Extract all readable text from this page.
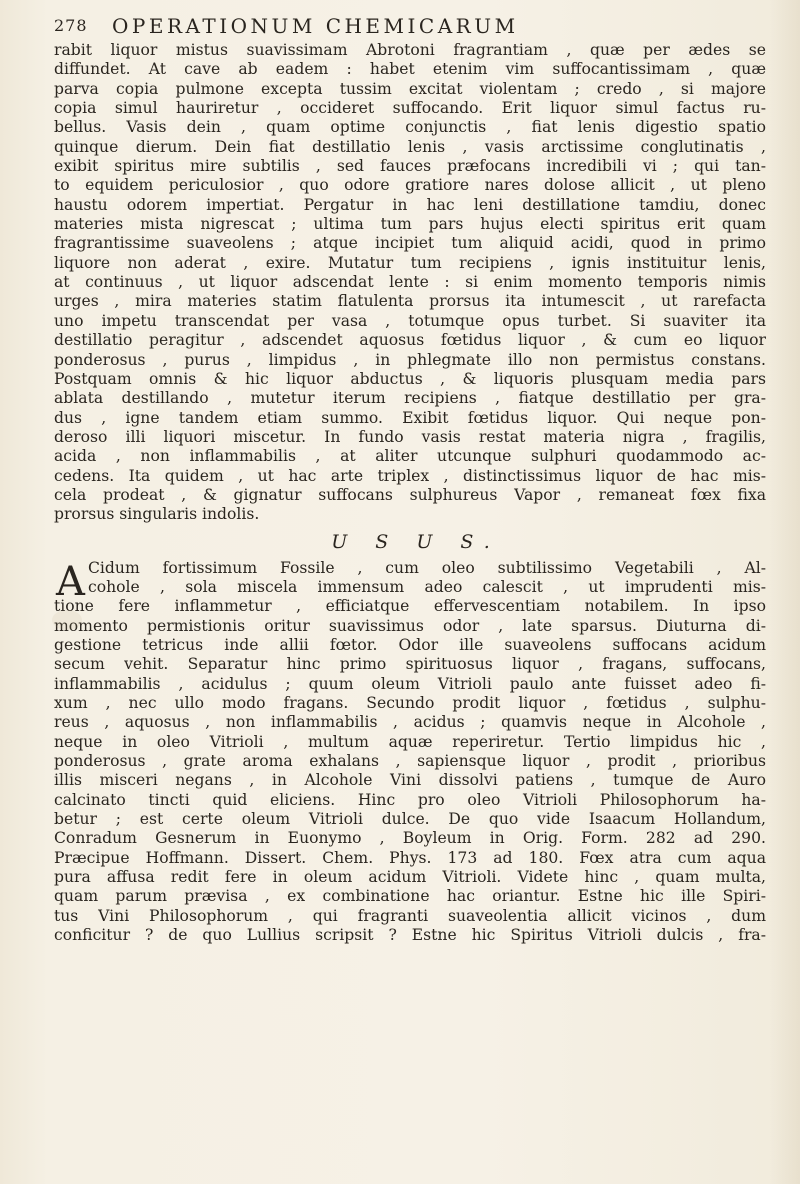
278 OPERATIONUM CHEMICARUM
rabit liquor mistus suavissimam Abrotoni fragrantiam , quæ per ædes se
diffundet. At cave ab eadem : habet etenim vim suffocantissimam , quæ
parva copia pulmone excepta tussim excitat violentam ; credo , si majore
copia simul hauriretur , occideret suffocando. Erit liquor simul factus ru-
bellus. Vasis dein , quam optime conjunctis , fiat lenis digestio spatio
quinque dierum. Dein fiat destillatio lenis , vasis arctissime conglutinatis ,
exibit spiritus mire subtilis , sed fauces præfocans incredibili vi ; qui tan-
to equidem periculosior , quo odore gratiore nares dolose allicit , ut pleno
haustu odorem impertiat. Pergatur in hac leni destillatione tamdiu, donec
materies mista nigrescat ; ultima tum pars hujus electi spiritus erit quam
fragrantissime suaveolens ; atque incipiet tum aliquid acidi, quod in primo
liquore non aderat , exire. Mutatur tum recipiens , ignis instituitur lenis,
at continuus , ut liquor adscendat lente : si enim momento temporis nimis
urges , mira materies statim flatulenta prorsus ita intumescit , ut rarefacta
uno impetu transcendat per vasa , totumque opus turbet. Si suaviter ita
destillatio peragitur , adscendet aquosus fœtidus liquor , & cum eo liquor
ponderosus , purus , limpidus , in phlegmate illo non permistus constans.
Postquam omnis & hic liquor abductus , & liquoris plusquam media pars
ablata destillando , mutetur iterum recipiens , fiatque destillatio per gra-
dus , igne tandem etiam summo. Exibit fœtidus liquor. Qui neque pon-
deroso illi liquori miscetur. In fundo vasis restat materia nigra , fragilis,
acida , non inflammabilis , at aliter utcunque sulphuri quodammodo ac-
cedens. Ita quidem , ut hac arte triplex , distinctissimus liquor de hac mis-
cela prodeat , & gignatur suffocans sulphureus Vapor , remaneat fœx fixa
prorsus singularis indolis.
U S U S.
A Cidum fortissimum Fossile , cum oleo subtilissimo Vegetabili , Al-
cohole , sola miscela immensum adeo calescit , ut imprudenti mis-
tione fere inflammetur , efficiatque effervescentiam notabilem. In ipso
momento permistionis oritur suavissimus odor , late sparsus. Diuturna di-
gestione tetricus inde allii fœtor. Odor ille suaveolens suffocans acidum
secum vehit. Separatur hinc primo spirituosus liquor , fragans, suffocans,
inflammabilis , acidulus ; quum oleum Vitrioli paulo ante fuisset adeo fi-
xum , nec ullo modo fragans. Secundo prodit liquor , fœtidus , sulphu-
reus , aquosus , non inflammabilis , acidus ; quamvis neque in Alcohole ,
neque in oleo Vitrioli , multum aquæ reperiretur. Tertio limpidus hic ,
ponderosus , grate aroma exhalans , sapiensque liquor , prodit , prioribus
illis misceri negans , in Alcohole Vini dissolvi patiens , tumque de Auro
calcinato tincti quid eliciens. Hinc pro oleo Vitrioli Philosophorum ha-
betur ; est certe oleum Vitrioli dulce. De quo vide Isaacum Hollandum,
Conradum Gesnerum in Euonymo , Boyleum in Orig. Form. 282 ad 290.
Præcipue Hoffmann. Dissert. Chem. Phys. 173 ad 180. Fœx atra cum aqua
pura affusa redit fere in oleum acidum Vitrioli. Videte hinc , quam multa,
quam parum prævisa , ex combinatione hac oriantur. Estne hic ille Spiri-
tus Vini Philosophorum , qui fragranti suaveolentia allicit vicinos , dum
conficitur ? de quo Lullius scripsit ? Estne hic Spiritus Vitrioli dulcis , fra-
